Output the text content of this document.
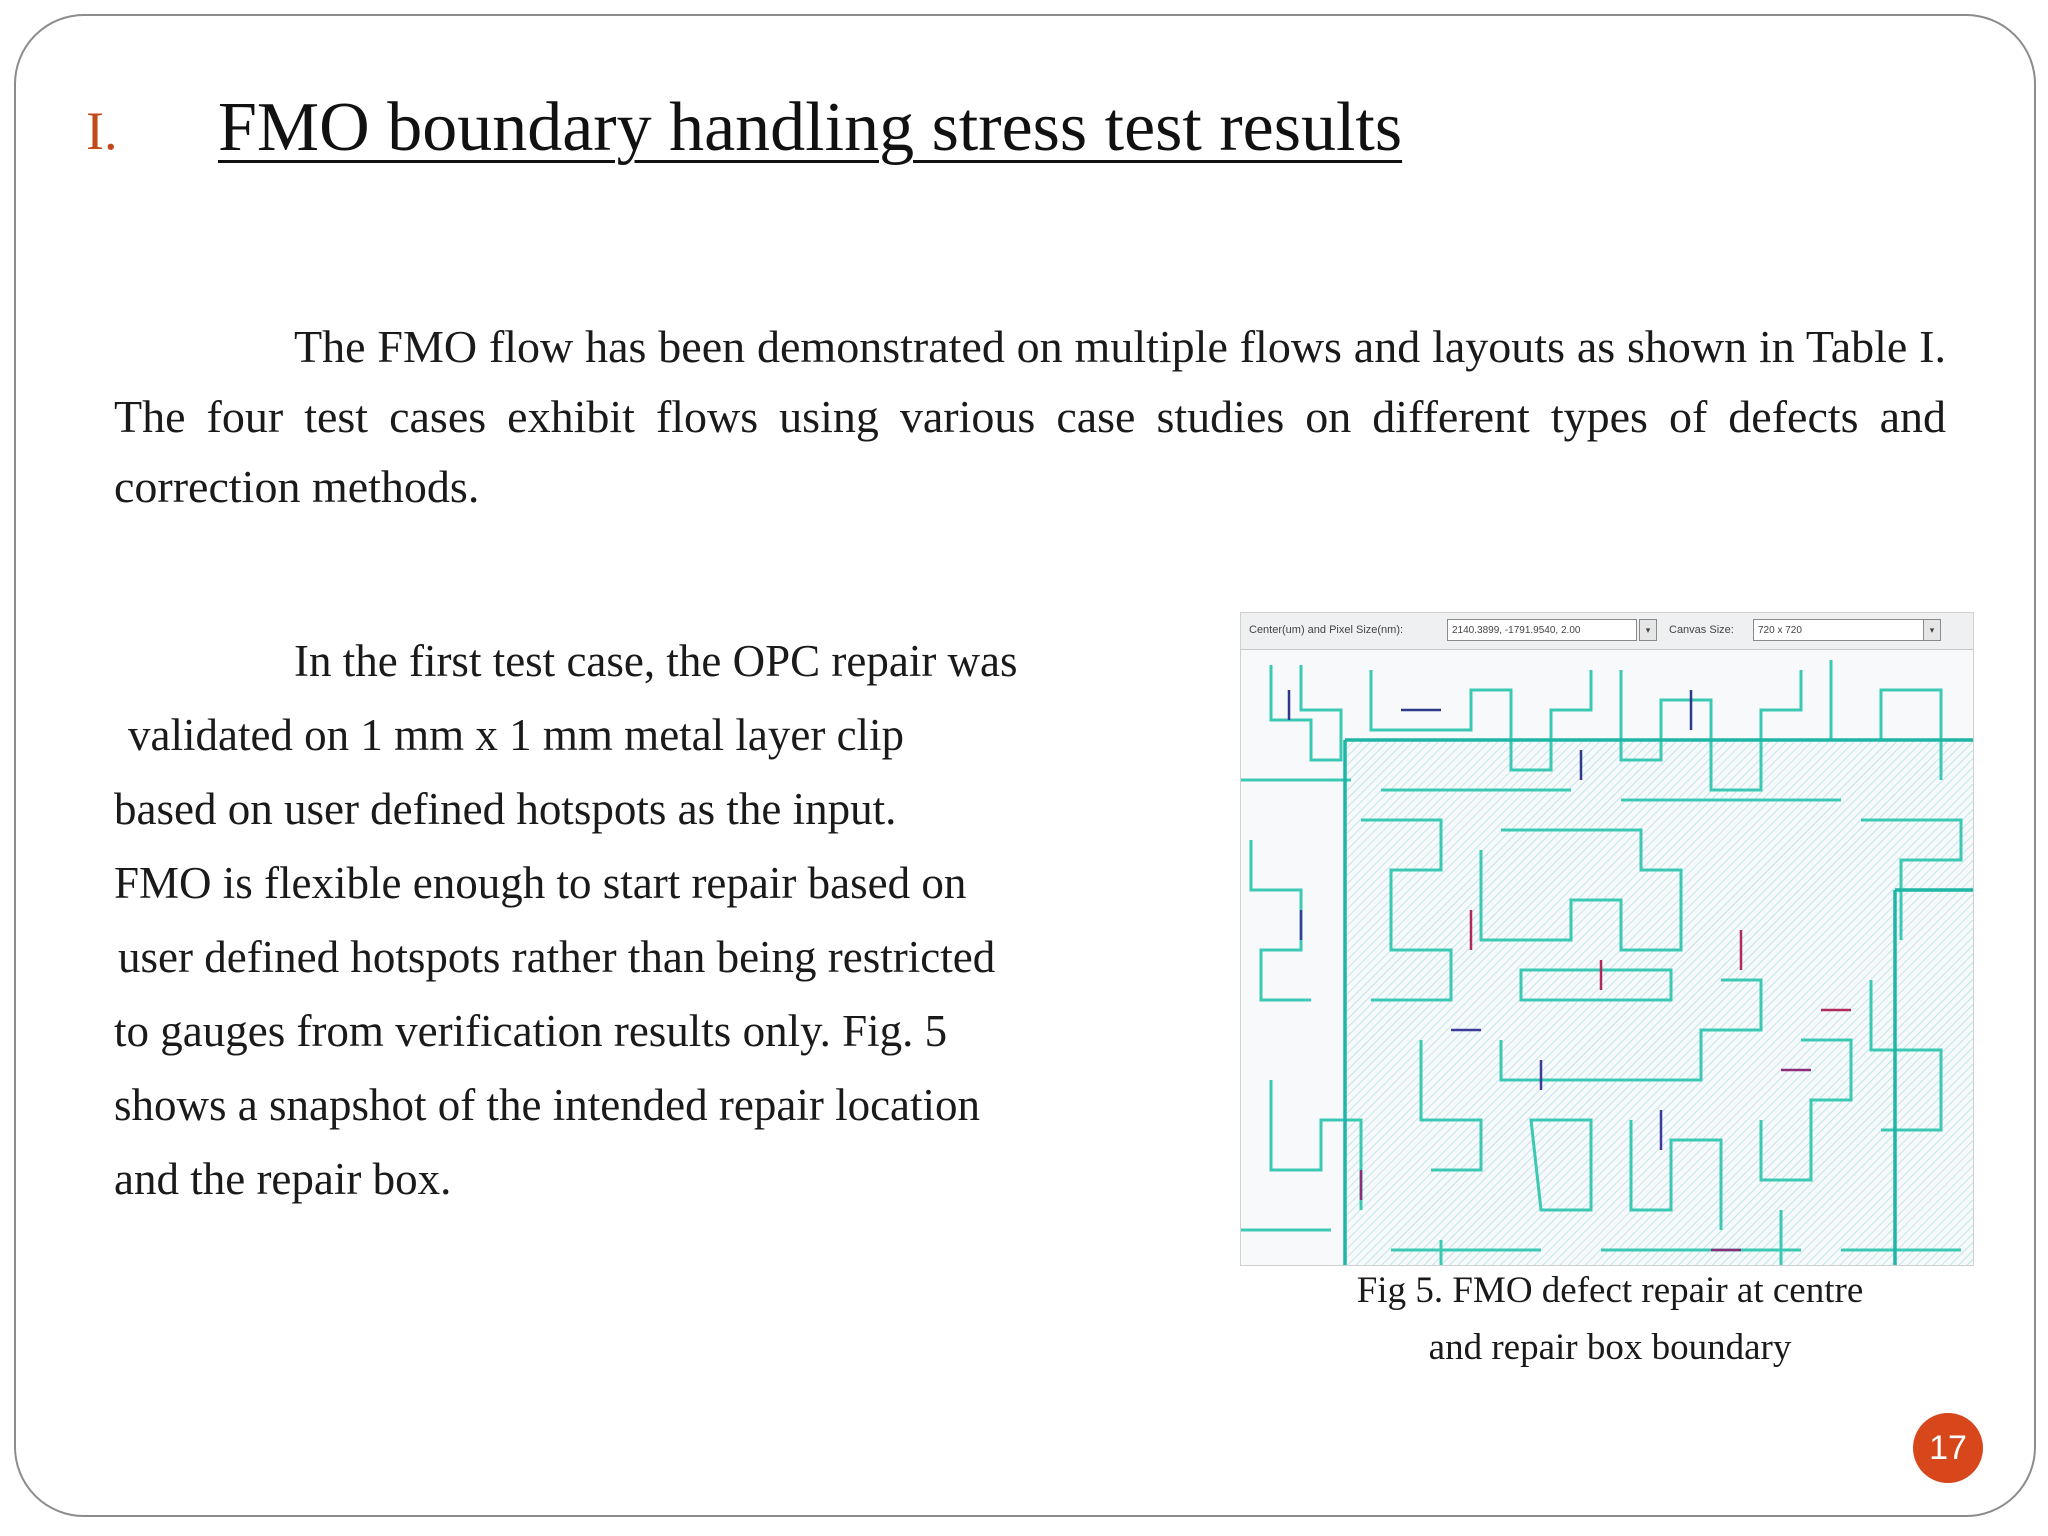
I. FMO boundary handling stress test results
The FMO flow has been demonstrated on multiple flows and layouts as shown in Table I. The four test cases exhibit flows using various case studies on different types of defects and correction methods.
In the first test case, the OPC repair was
validated on 1 mm x 1 mm metal layer clip
based on user defined hotspots as the input.
FMO is flexible enough to start repair based on
user defined hotspots rather than being restricted
to gauges from verification results only. Fig. 5
shows a snapshot of the intended repair location
and the repair box.
Center(um) and Pixel Size(nm):	2140.3899, -1791.9540, 2.00	▾	Canvas Size:	720 x 720	▾
Fig 5. FMO defect repair at centre
and repair box boundary
17
